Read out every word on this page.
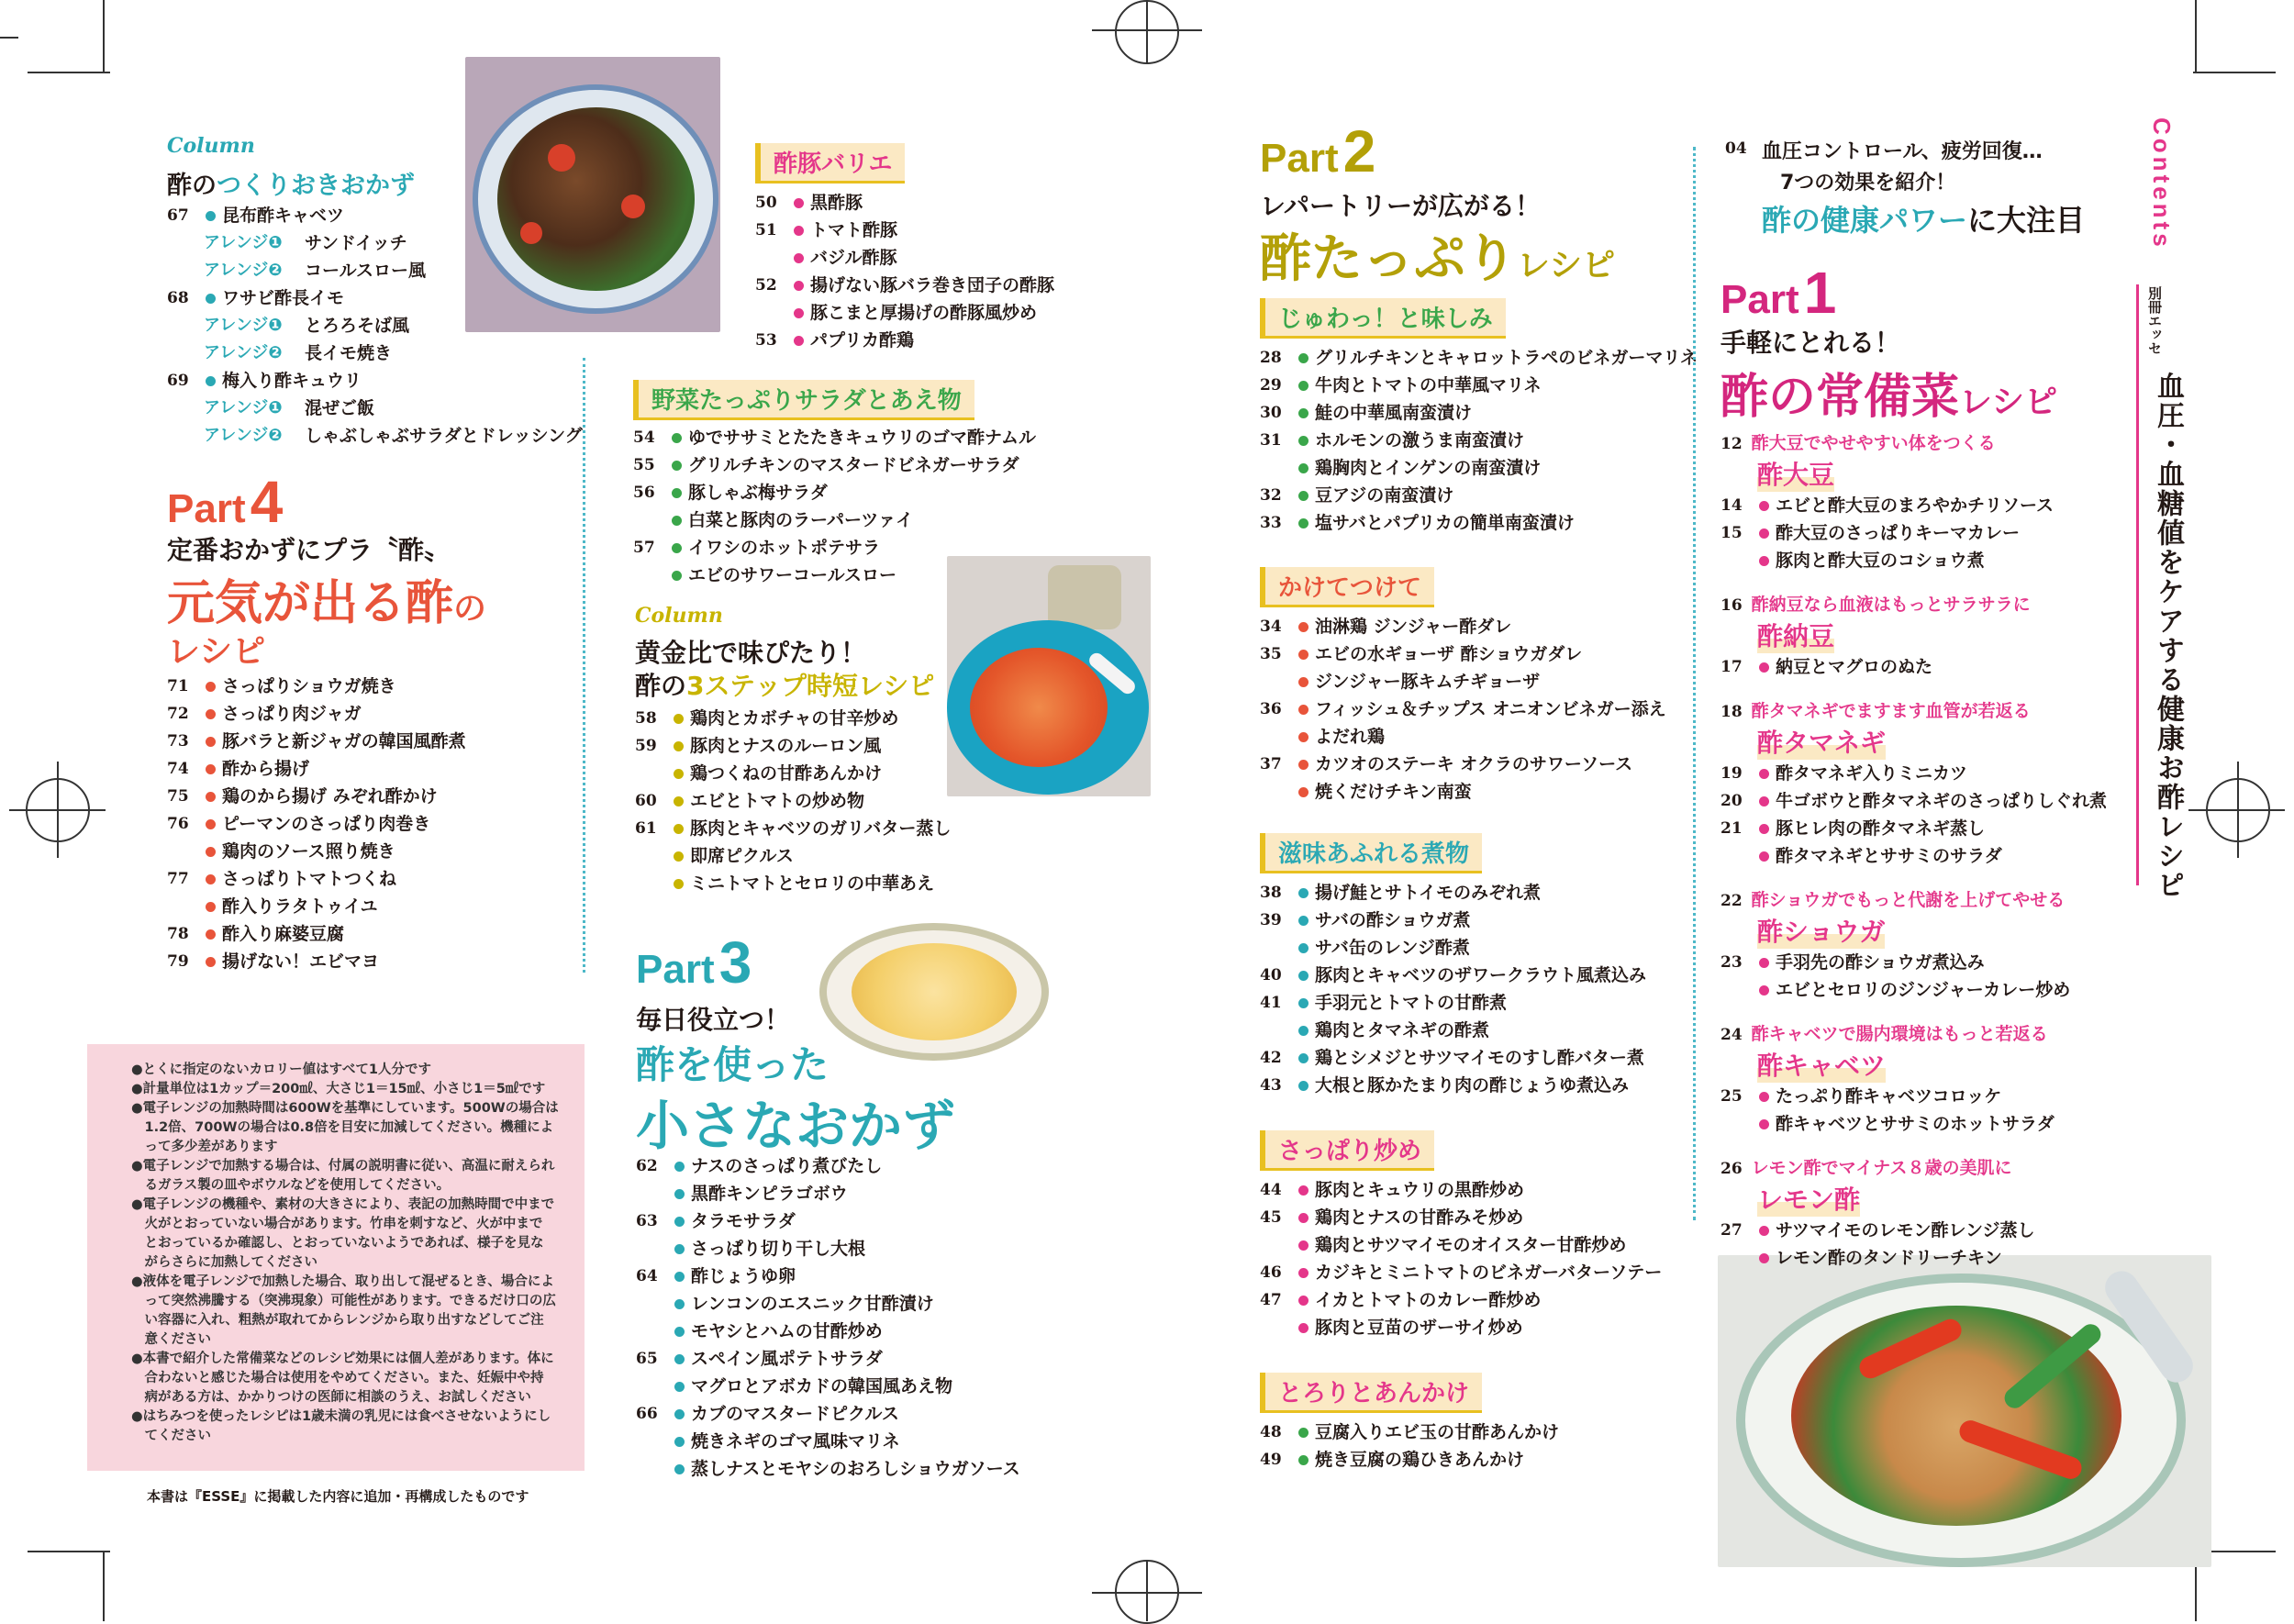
Column
酢のつくりおきおかず
67	昆布酢キャベツ
アレンジ❶ サンドイッチ
アレンジ❷ コールスロー風
68	ワサビ酢長イモ
アレンジ❶ とろろそば風
アレンジ❷ 長イモ焼き
69	梅入り酢キュウリ
アレンジ❶ 混ぜご飯
アレンジ❷ しゃぶしゃぶサラダとドレッシング
Part 4
定番おかずにプラ〝酢〟
元気が出る酢の
レシピ
71	さっぱりショウガ焼き
72	さっぱり肉ジャガ
73	豚バラと新ジャガの韓国風酢煮
74	酢から揚げ
75	鶏のから揚げ みぞれ酢かけ
76	ピーマンのさっぱり肉巻き
鶏肉のソース照り焼き
77	さっぱりトマトつくね
酢入りラタトゥイユ
78	酢入り麻婆豆腐
79	揚げない！エビマヨ

●とくに指定のないカロリー値はすべて1人分です

●計量単位は1カップ＝200㎖、大さじ1＝15㎖、小さじ1＝5㎖です

●電子レンジの加熱時間は600Wを基準にしています。500Wの場合は

　1.2倍、700Wの場合は0.8倍を目安に加減してください。機種によ

　って多少差があります

●電子レンジで加熱する場合は、付属の説明書に従い、高温に耐えられ

　るガラス製の皿やボウルなどを使用してください。

●電子レンジの機種や、素材の大きさにより、表記の加熱時間で中まで

　火がとおっていない場合があります。竹串を刺すなど、火が中まで

　とおっているか確認し、とおっていないようであれば、様子を見な

　がらさらに加熱してください

●液体を電子レンジで加熱した場合、取り出して混ぜるとき、場合によ

　って突然沸騰する（突沸現象）可能性があります。できるだけ口の広

　い容器に入れ、粗熱が取れてからレンジから取り出すなどしてご注

　意ください

●本書で紹介した常備菜などのレシピ効果には個人差があります。体に

　合わないと感じた場合は使用をやめてください。また、妊娠中や持

　病がある方は、かかりつけの医師に相談のうえ、お試しください

●はちみつを使ったレシピは1歳未満の乳児には食べさせないようにし

　てください

本書は『ESSE』に掲載した内容に追加・再構成したものです
酢豚バリエ
50	黒酢豚
51	トマト酢豚
バジル酢豚
52	揚げない豚バラ巻き団子の酢豚
豚こまと厚揚げの酢豚風炒め
53	パプリカ酢鶏
野菜たっぷりサラダとあえ物
54	ゆでササミとたたきキュウリのゴマ酢ナムル
55	グリルチキンのマスタードビネガーサラダ
56	豚しゃぶ梅サラダ
白菜と豚肉のラーパーツァイ
57	イワシのホットポテサラ
エビのサワーコールスロー
Column
黄金比で味ぴたり！
酢の3ステップ時短レシピ
58	鶏肉とカボチャの甘辛炒め
59	豚肉とナスのルーロン風
鶏つくねの甘酢あんかけ
60	エビとトマトの炒め物
61	豚肉とキャベツのガリバター蒸し
即席ピクルス
ミニトマトとセロリの中華あえ
Part 3
毎日役立つ！
酢を使った
小さなおかず
62	ナスのさっぱり煮びたし
黒酢キンピラゴボウ
63	タラモサラダ
さっぱり切り干し大根
64	酢じょうゆ卵
レンコンのエスニック甘酢漬け
モヤシとハムの甘酢炒め
65	スペイン風ポテトサラダ
マグロとアボカドの韓国風あえ物
66	カブのマスタードピクルス
焼きネギのゴマ風味マリネ
蒸しナスとモヤシのおろしショウガソース
Part 2
レパートリーが広がる！
酢たっぷりレシピ
じゅわっ！と味しみ
28	グリルチキンとキャロットラペのビネガーマリネ
29	牛肉とトマトの中華風マリネ
30	鮭の中華風南蛮漬け
31	ホルモンの激うま南蛮漬け
鶏胸肉とインゲンの南蛮漬け
32	豆アジの南蛮漬け
33	塩サバとパプリカの簡単南蛮漬け
かけてつけて
34	油淋鶏 ジンジャー酢ダレ
35	エビの水ギョーザ 酢ショウガダレ
ジンジャー豚キムチギョーザ
36	フィッシュ＆チップス オニオンビネガー添え
よだれ鶏
37	カツオのステーキ オクラのサワーソース
焼くだけチキン南蛮
滋味あふれる煮物
38	揚げ鮭とサトイモのみぞれ煮
39	サバの酢ショウガ煮
サバ缶のレンジ酢煮
40	豚肉とキャベツのザワークラウト風煮込み
41	手羽元とトマトの甘酢煮
鶏肉とタマネギの酢煮
42	鶏とシメジとサツマイモのすし酢バター煮
43	大根と豚かたまり肉の酢じょうゆ煮込み
さっぱり炒め
44	豚肉とキュウリの黒酢炒め
45	鶏肉とナスの甘酢みそ炒め
鶏肉とサツマイモのオイスター甘酢炒め
46	カジキとミニトマトのビネガーバターソテー
47	イカとトマトのカレー酢炒め
豚肉と豆苗のザーサイ炒め
とろりとあんかけ
48	豆腐入りエビ玉の甘酢あんかけ
49	焼き豆腐の鶏ひきあんかけ
04 血圧コントロール、疲労回復…
7つの効果を紹介！
酢の健康パワーに大注目
Part 1
手軽にとれる！
酢の常備菜レシピ
12 酢大豆でやせやすい体をつくる
酢大豆
14	エビと酢大豆のまろやかチリソース
15	酢大豆のさっぱりキーマカレー
豚肉と酢大豆のコショウ煮
16 酢納豆なら血液はもっとサラサラに
酢納豆
17	納豆とマグロのぬた
18 酢タマネギでますます血管が若返る
酢タマネギ
19	酢タマネギ入りミニカツ
20	牛ゴボウと酢タマネギのさっぱりしぐれ煮
21	豚ヒレ肉の酢タマネギ蒸し
酢タマネギとササミのサラダ
22 酢ショウガでもっと代謝を上げてやせる
酢ショウガ
23	手羽先の酢ショウガ煮込み
エビとセロリのジンジャーカレー炒め
24 酢キャベツで腸内環境はもっと若返る
酢キャベツ
25	たっぷり酢キャベツコロッケ
酢キャベツとササミのホットサラダ
26 レモン酢でマイナス８歳の美肌に
レモン酢
27	サツマイモのレモン酢レンジ蒸し
レモン酢のタンドリーチキン
Contents
別冊エッセ
血圧・血糖値をケアする健康お酢レシピ
